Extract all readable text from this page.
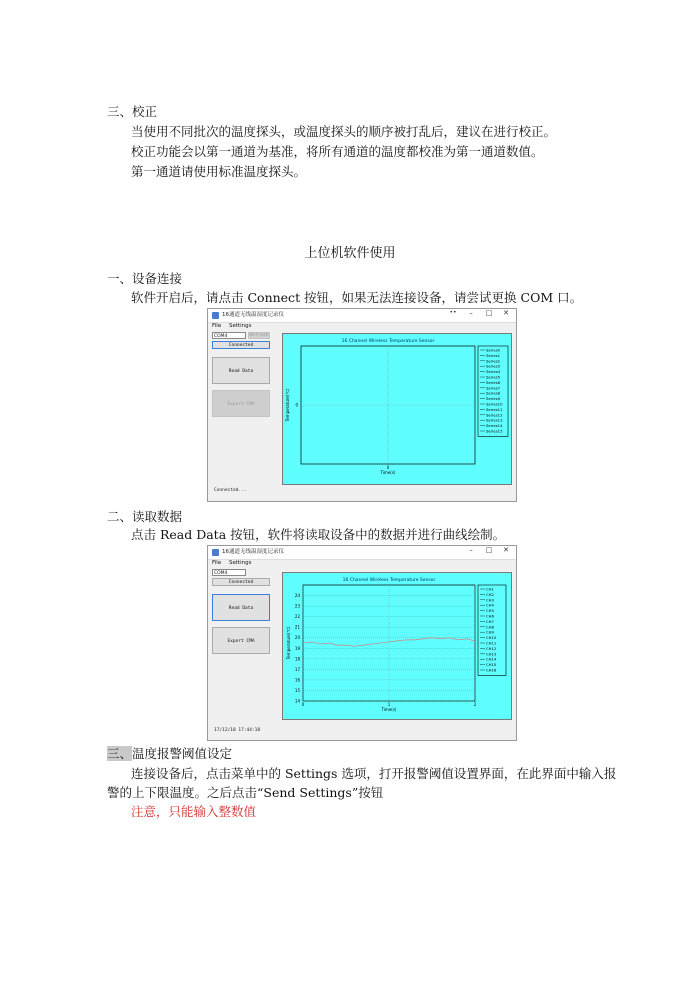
三、校正
当使用不同批次的温度探头，或温度探头的顺序被打乱后，建议在进行校正。
校正功能会以第一通道为基准，将所有通道的温度都校准为第一通道数值。
第一通道请使用标准温度探头。
上位机软件使用
一、设备连接
软件开启后，请点击 Connect 按钮，如果无法连接设备，请尝试更换 COM 口。
16通道无线温湿度记录仪	••	–	□	✕
File Settings
COM4	Refresh
Connected
Read Data
Export CMA
Connected...
16 Channel Wireless Temperature Sensor
0
0
Time(s)
Temperature(℃)
Series0
Series1
Series2
Series3
Series4
Series5
Series6
Series7
Series8
Series9
Series10
Series11
Series12
Series13
Series14
Series15
二、读取数据
点击 Read Data 按钮，软件将读取设备中的数据并进行曲线绘制。
16通道无线温湿度记录仪	–	□	✕
File Settings
COM4
Connected
Read Data
Export CMA
17/12/18 17:44:18
16 Channel Wireless Temperature Sensor
14
15
16
17
18
19
20
21
22
23
24
0	1	2
Time(s)
Temperature(℃)
CH1
CH2
CH3
CH4
CH5
CH6
CH7
CH8
CH9
CH10
CH11
CH12
CH13
CH14
CH15
CH16
三、温度报警阈值设定
连接设备后，点击菜单中的 Settings 选项，打开报警阈值设置界面，在此界面中输入报
警的上下限温度。之后点击“Send Settings”按钮
注意，只能输入整数值
